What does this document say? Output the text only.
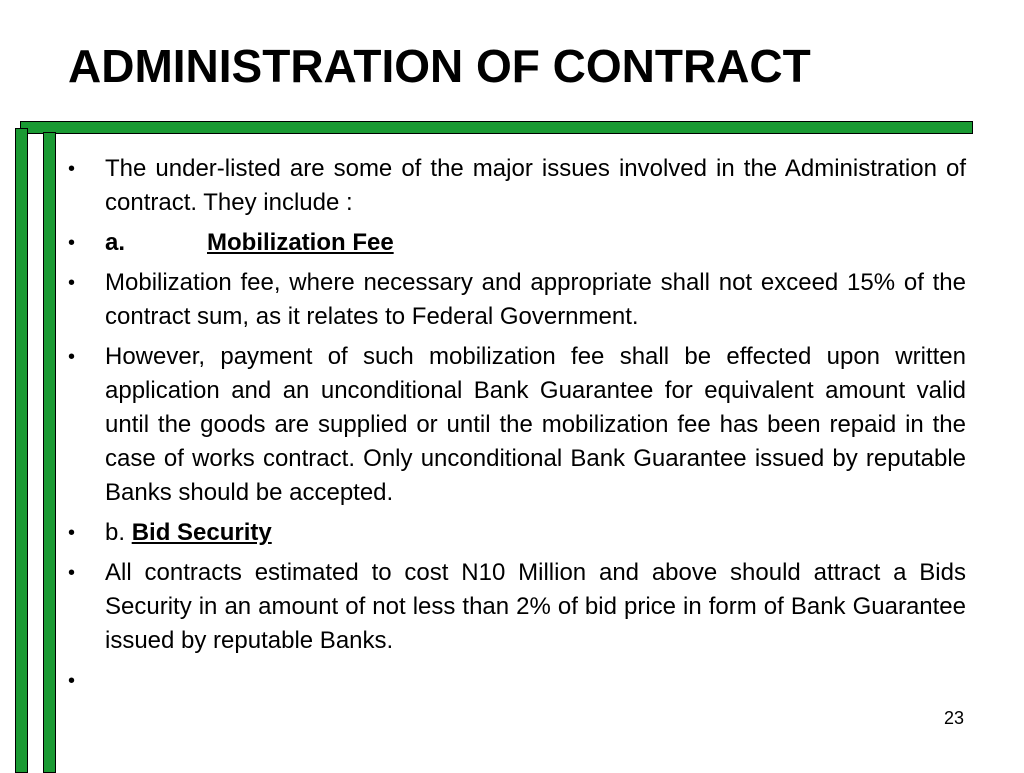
ADMINISTRATION OF CONTRACT
• The under-listed are some of the major issues involved in the Administration of contract. They include :
• a.	Mobilization Fee
• Mobilization fee, where necessary and appropriate shall not exceed 15% of the contract sum, as it relates to Federal Government.
• However, payment of such mobilization fee shall be effected upon written application and an unconditional Bank Guarantee for equivalent amount valid until the goods are supplied or until the mobilization fee has been repaid in the case of works contract. Only unconditional Bank Guarantee issued by reputable Banks should be accepted.
• b. Bid Security
• All contracts estimated to cost N10 Million and above should attract a Bids Security in an amount of not less than 2% of bid price in form of Bank Guarantee issued by reputable Banks.
•

23
